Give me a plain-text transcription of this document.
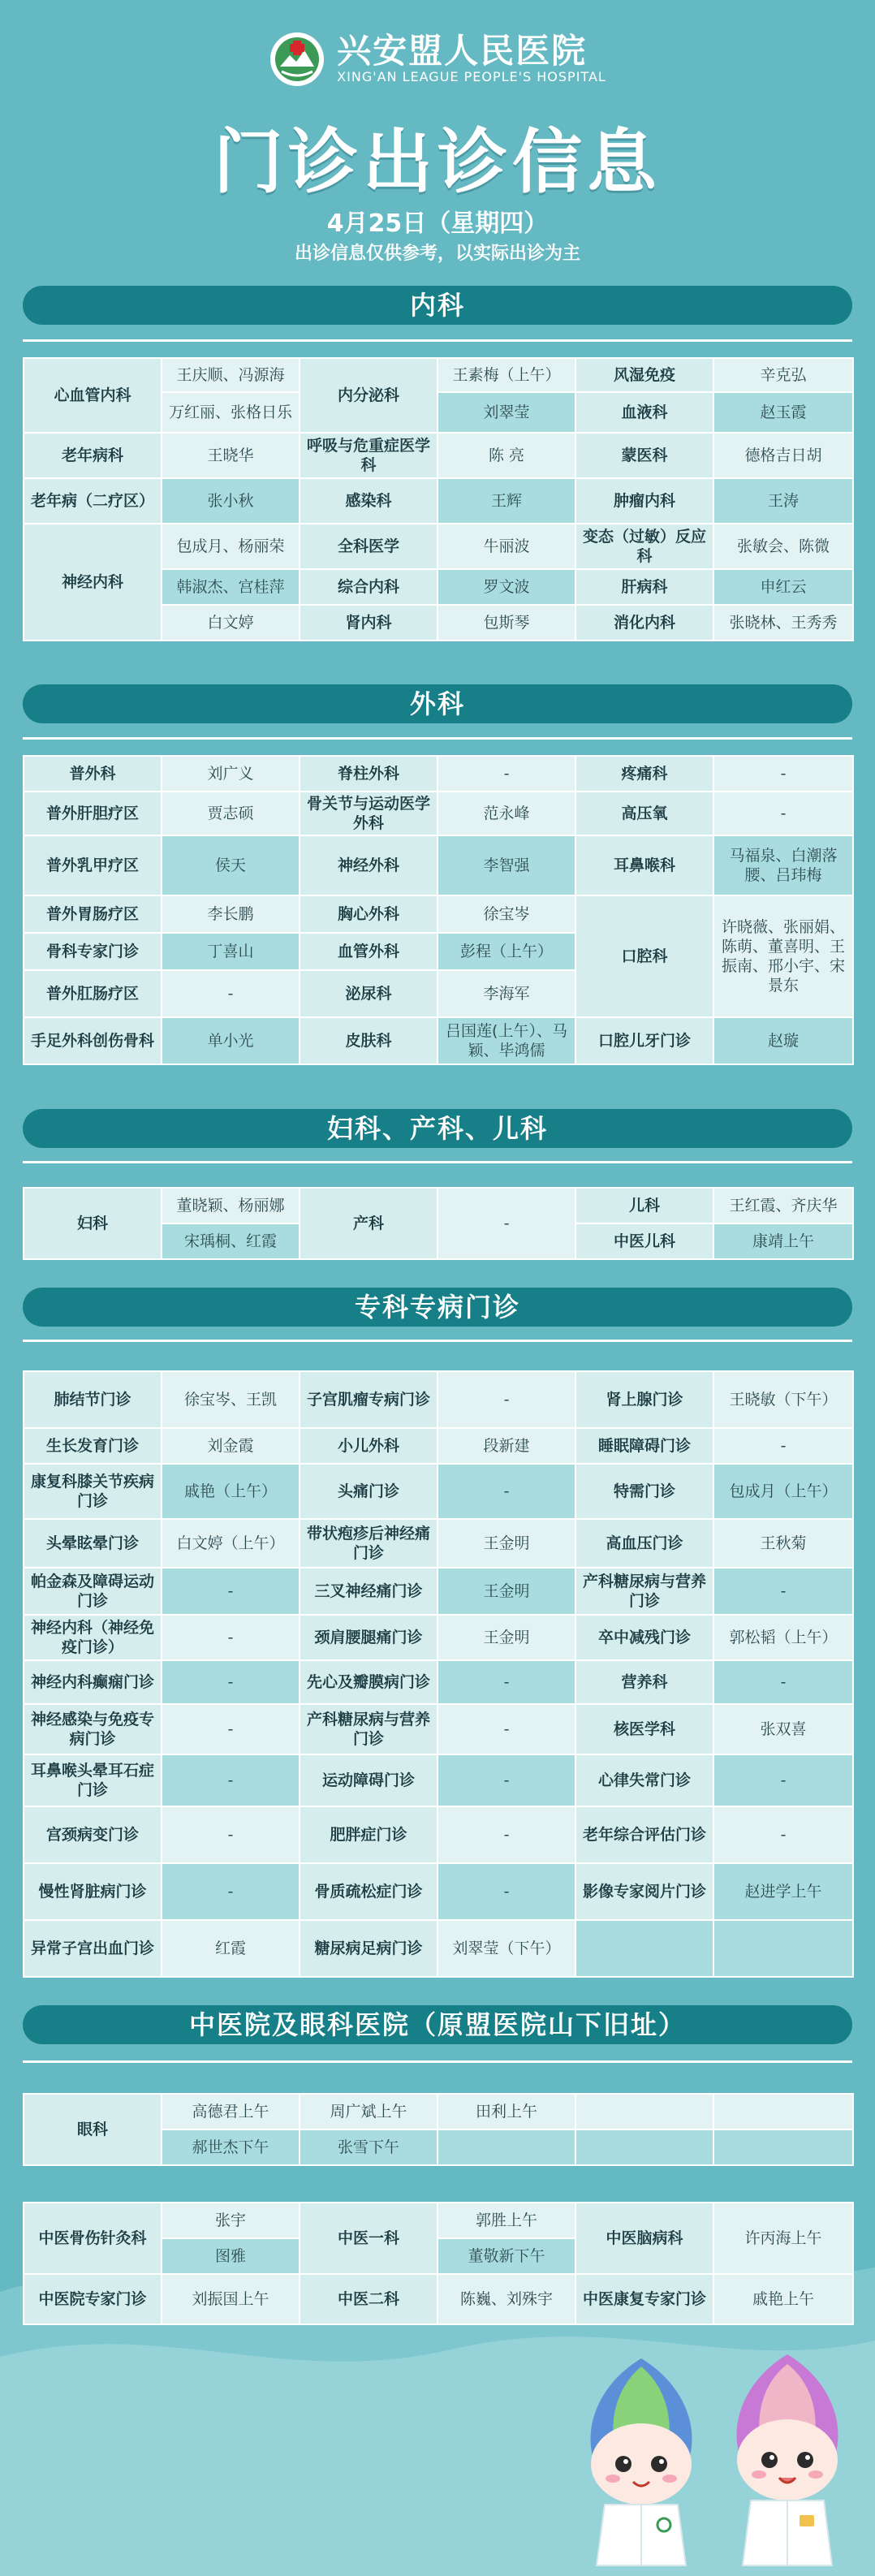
兴安盟人民医院
XING'AN LEAGUE PEOPLE'S HOSPITAL
门诊出诊信息
4月25日（星期四）
出诊信息仅供参考，以实际出诊为主
内科
心血管内科	王庆顺、冯源海	内分泌科	王素梅（上午）	风湿免疫	辛克弘
	万红丽、张格日乐		刘翠莹	血液科	赵玉霞
老年病科	王晓华	呼吸与危重症医学科	陈 亮	蒙医科	德格吉日胡
老年病（二疗区）	张小秋	感染科	王辉	肿瘤内科	王涛
神经内科	包成月、杨丽荣	全科医学	牛丽波	变态（过敏）反应科	张敏会、陈微
	韩淑杰、宫桂萍	综合内科	罗文波	肝病科	申红云
	白文婷	肾内科	包斯琴	消化内科	张晓林、王秀秀
外科
普外科	刘广义	脊柱外科	-	疼痛科	-
普外肝胆疗区	贾志硕	骨关节与运动医学外科	范永峰	高压氧	-
普外乳甲疗区	侯天	神经外科	李智强	耳鼻喉科	马福泉、白潮落腰、吕玮梅
普外胃肠疗区	李长鹏	胸心外科	徐宝岑	口腔科	许晓薇、张丽娟、陈萌、董喜明、王振南、邢小宇、宋景东
骨科专家门诊	丁喜山	血管外科	彭程（上午）		
普外肛肠疗区	-	泌尿科	李海军		
手足外科创伤骨科	单小光	皮肤科	吕国莲(上午）、马颖、毕鸿儒	口腔儿牙门诊	赵璇
妇科、产科、儿科
妇科	董晓颖、杨丽娜	产科	-	儿科	王红霞、齐庆华
	宋瑀桐、红霞			中医儿科	康靖上午
专科专病门诊
肺结节门诊	徐宝岑、王凯	子宫肌瘤专病门诊	-	肾上腺门诊	王晓敏（下午）
生长发育门诊	刘金霞	小儿外科	段新建	睡眠障碍门诊	-
康复科膝关节疾病门诊	戚艳（上午）	头痛门诊	-	特需门诊	包成月（上午）
头晕眩晕门诊	白文婷（上午）	带状疱疹后神经痛门诊	王金明	高血压门诊	王秋菊
帕金森及障碍运动门诊	-	三叉神经痛门诊	王金明	产科糖尿病与营养门诊	-
神经内科（神经免疫门诊）	-	颈肩腰腿痛门诊	王金明	卒中减残门诊	郭松韬（上午）
神经内科癫痫门诊	-	先心及瓣膜病门诊	-	营养科	-
神经感染与免疫专病门诊	-	产科糖尿病与营养门诊	-	核医学科	张双喜
耳鼻喉头晕耳石症门诊	-	运动障碍门诊	-	心律失常门诊	-
宫颈病变门诊	-	肥胖症门诊	-	老年综合评估门诊	-
慢性肾脏病门诊	-	骨质疏松症门诊	-	影像专家阅片门诊	赵进学上午
异常子宫出血门诊	红霞	糖尿病足病门诊	刘翠莹（下午）		
中医院及眼科医院（原盟医院山下旧址）
眼科	高德君上午	周广斌上午	田利上午		
	郝世杰下午	张雪下午			
中医骨伤针灸科	张宇	中医一科	郭胜上午	中医脑病科	许丙海上午
	图雅		董敬新下午		
中医院专家门诊	刘振国上午	中医二科	陈巍、刘殊宇	中医康复专家门诊	戚艳上午
